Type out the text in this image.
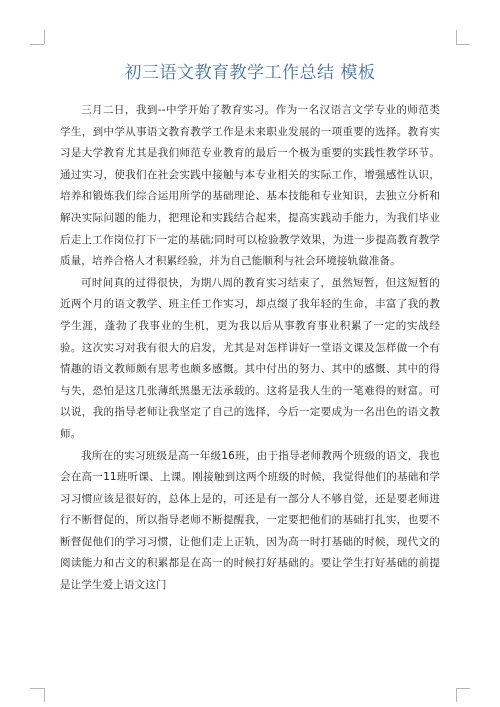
初三语文教育教学工作总结 模板

三月二日，我到--中学开始了教育实习。作为一名汉语言文学专业的师范类学生，到中学从事语文教育教学工作是未来职业发展的一项重要的选择。教育实习是大学教育尤其是我们师范专业教育的最后一个极为重要的实践性教学环节。通过实习，使我们在社会实践中接触与本专业相关的实际工作，增强感性认识，培养和锻炼我们综合运用所学的基础理论、基本技能和专业知识，去独立分析和解决实际问题的能力，把理论和实践结合起来，提高实践动手能力，为我们毕业后走上工作岗位打下一定的基础;同时可以检验教学效果，为进一步提高教育教学质量，培养合格人才积累经验，并为自己能顺利与社会环境接轨做准备。

可时间真的过得很快，为期八周的教育实习结束了，虽然短暂，但这短暂的近两个月的语文教学、班主任工作实习，却点缀了我年轻的生命，丰富了我的教学生涯，蓬勃了我事业的生机，更为我以后从事教育事业积累了一定的实战经验。这次实习对我有很大的启发，尤其是对怎样讲好一堂语文课及怎样做一个有情趣的语文教师颇有思考也颇多感慨。其中付出的努力、其中的感慨、其中的得与失，恐怕是这几张薄纸黑墨无法承载的。这将是我人生的一笔难得的财富。可以说，我的指导老师让我坚定了自己的选择，今后一定要成为一名出色的语文教师。

我所在的实习班级是高一年级16班，由于指导老师教两个班级的语文，我也会在高一11班听课、上课。刚接触到这两个班级的时候，我觉得他们的基础和学习习惯应该是很好的，总体上是的，可还是有一部分人不够自觉，还是要老师进行不断督促的，所以指导老师不断提醒我，一定要把他们的基础打扎实，也要不断督促他们的学习习惯，让他们走上正轨，因为高一时打基础的时候，现代文的阅读能力和古文的积累都是在高一的时候打好基础的。要让学生打好基础的前提是让学生爱上语文这门
